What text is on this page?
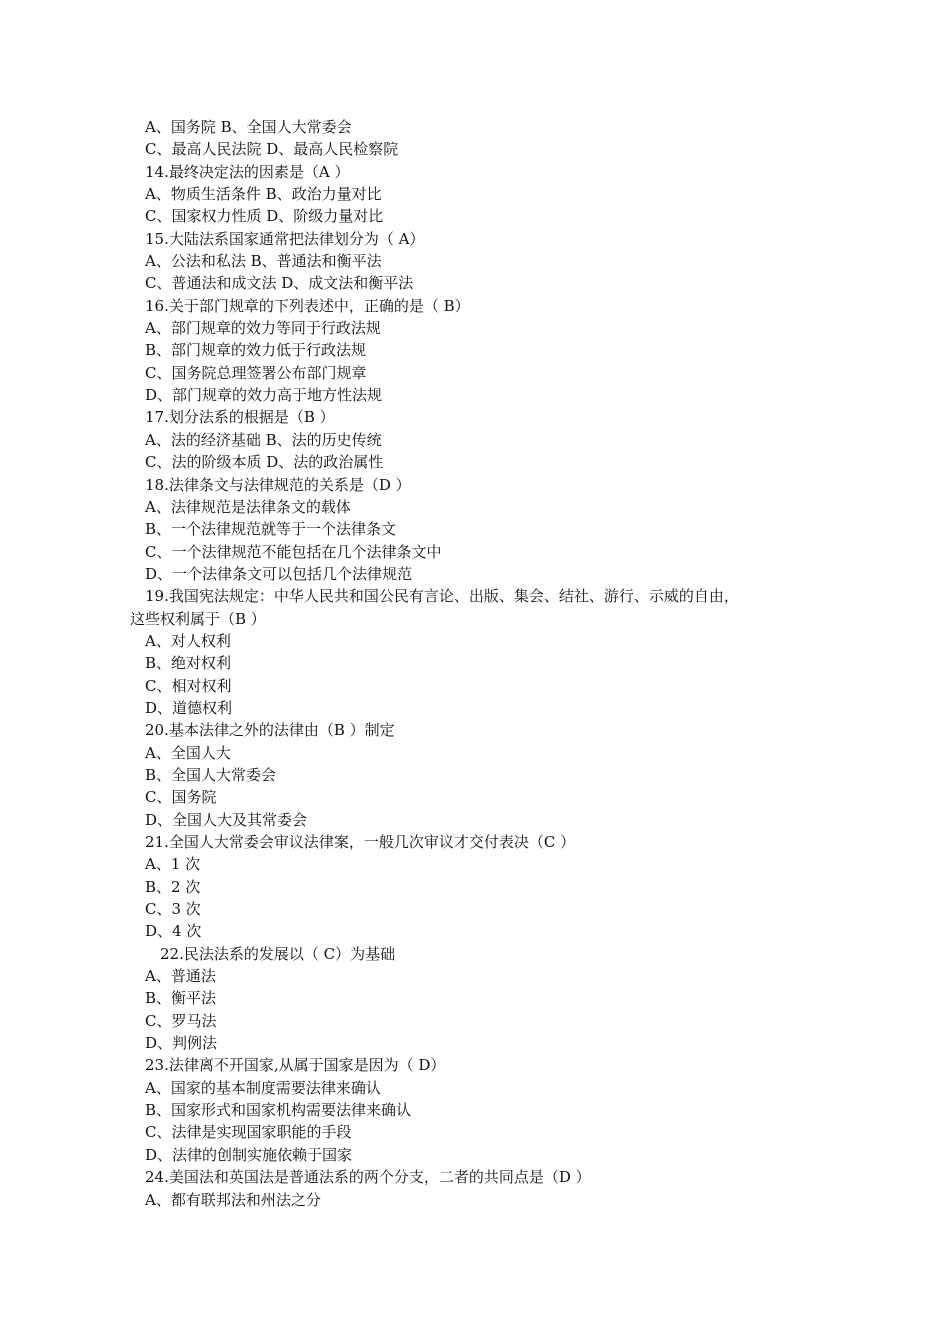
A、国务院 B、全国人大常委会
C、最高人民法院 D、最高人民检察院
14.最终决定法的因素是（A ）
A、物质生活条件 B、政治力量对比
C、国家权力性质 D、阶级力量对比
15.大陆法系国家通常把法律划分为（ A）
A、公法和私法 B、普通法和衡平法
C、普通法和成文法 D、成文法和衡平法
16.关于部门规章的下列表述中，正确的是（ B）
A、部门规章的效力等同于行政法规
B、部门规章的效力低于行政法规
C、国务院总理签署公布部门规章
D、部门规章的效力高于地方性法规
17.划分法系的根据是（B ）
A、法的经济基础 B、法的历史传统
C、法的阶级本质 D、法的政治属性
18.法律条文与法律规范的关系是（D ）
A、法律规范是法律条文的载体
B、一个法律规范就等于一个法律条文
C、一个法律规范不能包括在几个法律条文中
D、一个法律条文可以包括几个法律规范
19.我国宪法规定：中华人民共和国公民有言论、出版、集会、结社、游行、示威的自由，
这些权利属于（B ）
A、对人权利
B、绝对权利
C、相对权利
D、道德权利
20.基本法律之外的法律由（B ）制定
A、全国人大
B、全国人大常委会
C、国务院
D、全国人大及其常委会
21.全国人大常委会审议法律案，一般几次审议才交付表决（C ）
A、1 次
B、2 次
C、3 次
D、4 次
22.民法法系的发展以（ C）为基础
A、普通法
B、衡平法
C、罗马法
D、判例法
23.法律离不开国家,从属于国家是因为（ D）
A、国家的基本制度需要法律来确认
B、国家形式和国家机构需要法律来确认
C、法律是实现国家职能的手段
D、法律的创制实施依赖于国家
24.美国法和英国法是普通法系的两个分支，二者的共同点是（D ）
A、都有联邦法和州法之分
